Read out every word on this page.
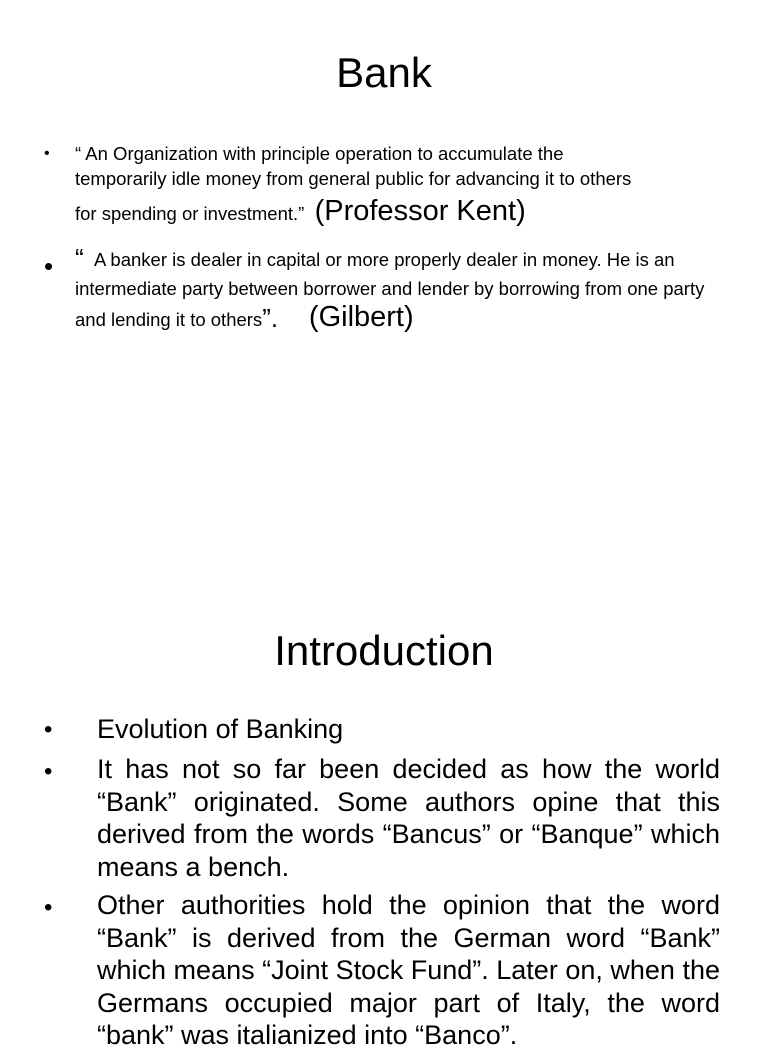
Bank
• “ An Organization with principle operation to accumulate the
temporarily idle money from general public for advancing it to others
for spending or investment.” (Professor Kent)
• “ A banker is dealer in capital or more properly dealer in money. He is an intermediate party between borrower and lender by borrowing from one party and lending it to others”. (Gilbert)
Introduction
• Evolution of Banking
• It has not so far been decided as how the world “Bank” originated. Some authors opine that this derived from the words “Bancus” or “Banque” which means a bench.
• Other authorities hold the opinion that the word “Bank” is derived from the German word “Bank” which means “Joint Stock Fund”. Later on, when the Germans occupied major part of Italy, the word “bank” was italianized into “Banco”.
